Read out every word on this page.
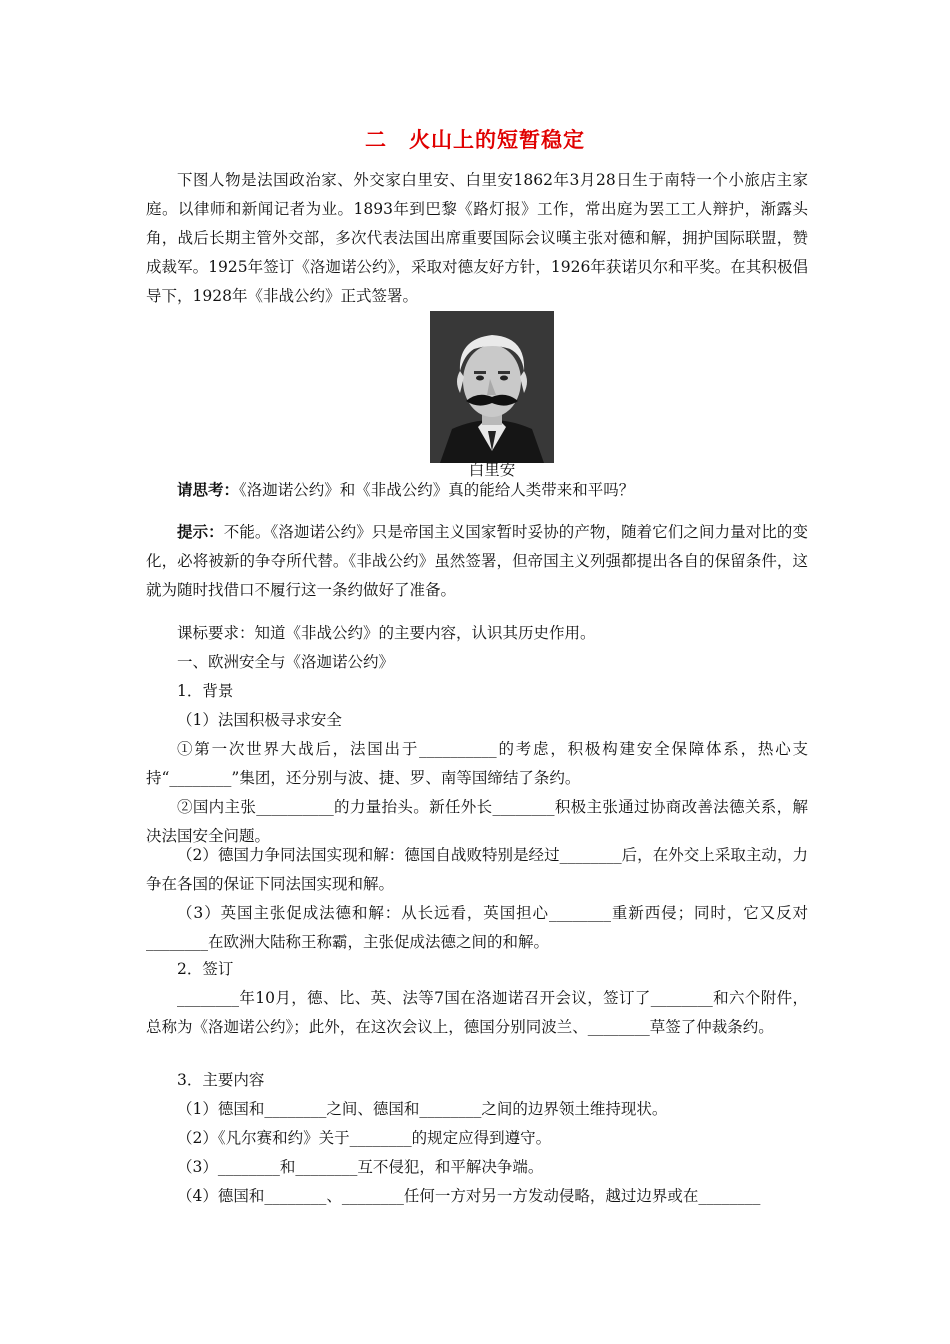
二　火山上的短暂稳定
下图人物是法国政治家、外交家白里安、白里安1862年3月28日生于南特一个小旅店主家庭。以律师和新闻记者为业。1893年到巴黎《路灯报》工作，常出庭为罢工工人辩护，渐露头角，战后长期主管外交部，多次代表法国出席重要国际会议暵主张对德和解，拥护国际联盟，赞成裁军。1925年签订《洛迦诺公约》，采取对德友好方针，1926年获诺贝尔和平奖。在其积极倡导下，1928年《非战公约》正式签署。
白里安
请思考：《洛迦诺公约》和《非战公约》真的能给人类带来和平吗？
提示：不能。《洛迦诺公约》只是帝国主义国家暂时妥协的产物，随着它们之间力量对比的变化，必将被新的争夺所代替。《非战公约》虽然签署，但帝国主义列强都提出各自的保留条件，这就为随时找借口不履行这一条约做好了准备。
课标要求：知道《非战公约》的主要内容，认识其历史作用。
一、欧洲安全与《洛迦诺公约》
1．背景
（1）法国积极寻求安全
①第一次世界大战后，法国出于__________的考虑，积极构建安全保障体系，热心支持“________”集团，还分别与波、捷、罗、南等国缔结了条约。
②国内主张__________的力量抬头。新任外长________积极主张通过协商改善法德关系，解决法国安全问题。
（2）德国力争同法国实现和解：德国自战败特别是经过________后，在外交上采取主动，力争在各国的保证下同法国实现和解。
（3）英国主张促成法德和解：从长远看，英国担心________重新西侵；同时，它又反对________在欧洲大陆称王称霸，主张促成法德之间的和解。
2．签订
________年10月，德、比、英、法等7国在洛迦诺召开会议，签订了________和六个附件，总称为《洛迦诺公约》；此外，在这次会议上，德国分别同波兰、________草签了仲裁条约。
3．主要内容
（1）德国和________之间、德国和________之间的边界领土维持现状。
（2）《凡尔赛和约》关于________的规定应得到遵守。
（3）________和________互不侵犯，和平解决争端。
（4）德国和________、________任何一方对另一方发动侵略，越过边界或在________
